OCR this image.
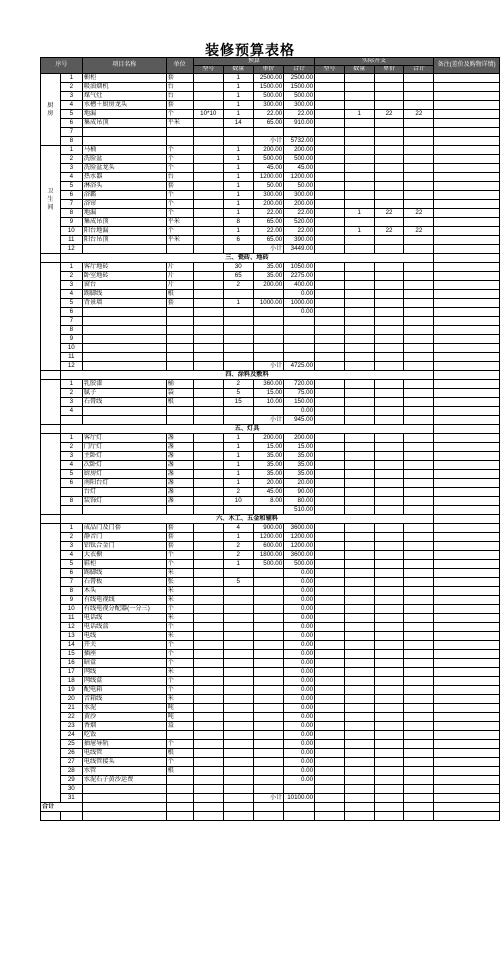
装修预算表格
序号		项目名称	单位	预算				实际开支				备注(差价及购物详情)
				型号	数量	单价	合计	型号	数量	单价	合计	
厨房	1	橱柜	套		1	2500.00	2500.00					
	2	吸油烟机	台		1	1500.00	1500.00					
	3	煤气灶	台		1	500.00	500.00					
	4	水槽＋厨房龙头	套		1	300.00	300.00					
	5	地漏	个	10*10	1	22.00	22.00		1	22	22	
	6	集成吊顶	平米		14	65.00	910.00					
	7											
	8					小计	5732.00					
卫生间	1	马桶	个		1	200.00	200.00					
	2	洗脸盆	个		1	500.00	500.00					
	3	洗脸盆龙头	个		1	45.00	45.00					
	4	热水器	台		1	1200.00	1200.00					
	5	淋浴头	套		1	50.00	50.00					
	6	浴霸	个		1	300.00	300.00					
	7	浴帘	个		1	200.00	200.00					
	8	地漏	个		1	22.00	22.00		1	22	22	
	9	集成吊顶	平米		8	65.00	520.00					
	10	阳台地漏	个		1	22.00	22.00		1	22	22	
	11	阳台吊顶	平米		6	65.00	390.00					
	12					小计	3449.00					
	三、瓷砖、地砖											
	1	客厅地砖	片		30	35.00	1050.00					
	2	卧室地砖	片		65	35.00	2275.00					
	3	窗台	片		2	200.00	400.00					
	4	踢脚线	根				0.00					
	5	背景墙	套		1	1000.00	1000.00					
	6						0.00					
	7											
	8											
	9											
	10											
	11											
	12					小计	4725.00					
	四、涂料及敷料											
	1	乳胶漆	桶		2	360.00	720.00					
	2	腻子	袋		5	15.00	75.00					
	3	石膏线	根		15	10.00	150.00					
	4						0.00					
						小计	945.00					
	五、灯具											
	1	客厅灯	盏		1	200.00	200.00					
	2	门厅灯	盏		1	15.00	15.00					
	3	主卧灯	盏		1	35.00	35.00					
	4	次卧灯	盏		1	35.00	35.00					
	5	厨房灯	盏		1	35.00	35.00					
	6	南阳台灯	盏		1	20.00	20.00					
		台灯	盏		2	45.00	90.00					
	8	装饰灯	盏		10	8.00	80.00					
							510.00					
	六、木工、五金和辅料											
	1	成品门及门套	套		4	900.00	3600.00					
	2	静音门	套		1	1200.00	1200.00					
	3	铝钛合金门	套		2	600.00	1200.00					
	4	大衣橱	个		2	1800.00	3600.00					
	5	鞋柜	个		1	500.00	500.00					
	6	踢脚线	米				0.00					
	7	石膏板	张		5		0.00					
	8	木头	米				0.00					
	9	有线电视线	米				0.00					
	10	有线电视分配器(一分三)	个				0.00					
	11	电话线	米				0.00					
	12	电话线盒	个				0.00					
	13	电线	米				0.00					
	14	开关	个				0.00					
	15	插座	个				0.00					
	16	暗盒	个				0.00					
	17	网线	米				0.00					
	18	网线盒	个				0.00					
	19	配电箱	个				0.00					
	20	音箱线	米				0.00					
	21	水泥	吨				0.00					
	22	黄沙	吨				0.00					
	23	香烟	盒				0.00					
	24	吃饭					0.00					
	25	抽屉导轨	个				0.00					
	26	电线管	根				0.00					
	27	电线管接头	个				0.00					
	28	水管	根				0.00					
	29	水泥石子黄沙运费					0.00					
	30											
	31					小计	10100.00					
合计												
